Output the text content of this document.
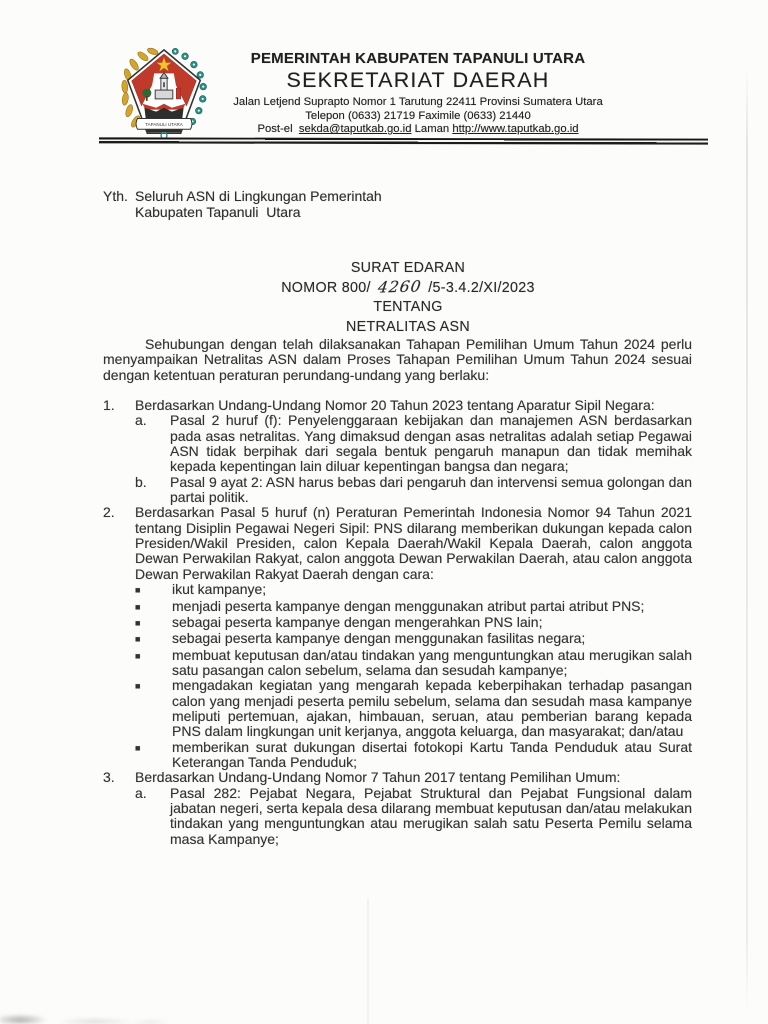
TAPANULI UTARA
PEMERINTAH KABUPATEN TAPANULI UTARA
SEKRETARIAT DAERAH
Jalan Letjend Suprapto Nomor 1 Tarutung 22411 Provinsi Sumatera Utara
Telepon (0633) 21719 Faximile (0633) 21440
Post-el sekda@taputkab.go.id Laman http://www.taputkab.go.id
Yth. Seluruh ASN di Lingkungan Pemerintah
Kabupaten Tapanuli  Utara
SURAT EDARAN
NOMOR 800/ 4260 /5-3.4.2/XI/2023
TENTANG
NETRALITAS ASN

Sehubungan dengan telah dilaksanakan Tahapan Pemilihan Umum Tahun 2024 perlu menyampaikan Netralitas ASN dalam Proses Tahapan Pemilihan Umum Tahun 2024 sesuai dengan ketentuan peraturan perundang-undang yang berlaku:

1.	Berdasarkan Undang-Undang Nomor 20 Tahun 2023 tentang Aparatur Sipil Negara:

a.	Pasal 2 huruf (f): Penyelenggaraan kebijakan dan manajemen ASN berdasarkan pada asas netralitas. Yang dimaksud dengan asas netralitas adalah setiap Pegawai ASN tidak berpihak dari segala bentuk pengaruh manapun dan tidak memihak kepada kepentingan lain diluar kepentingan bangsa dan negara;

b.	Pasal 9 ayat 2: ASN harus bebas dari pengaruh dan intervensi semua golongan dan partai politik.

2.	Berdasarkan Pasal 5 huruf (n) Peraturan Pemerintah Indonesia Nomor 94 Tahun 2021 tentang Disiplin Pegawai Negeri Sipil: PNS dilarang memberikan dukungan kepada calon Presiden/Wakil Presiden, calon Kepala Daerah/Wakil Kepala Daerah, calon anggota Dewan Perwakilan Rakyat, calon anggota Dewan Perwakilan Daerah, atau calon anggota Dewan Perwakilan Rakyat Daerah dengan cara:

■	ikut kampanye;

■	menjadi peserta kampanye dengan menggunakan atribut partai atribut PNS;

■	sebagai peserta kampanye dengan mengerahkan PNS lain;

■	sebagai peserta kampanye dengan menggunakan fasilitas negara;

■	membuat keputusan dan/atau tindakan yang menguntungkan atau merugikan salah satu pasangan calon sebelum, selama dan sesudah kampanye;

■	mengadakan kegiatan yang mengarah kepada keberpihakan terhadap pasangan calon yang menjadi peserta pemilu sebelum, selama dan sesudah masa kampanye meliputi pertemuan, ajakan, himbauan, seruan, atau pemberian barang kepada PNS dalam lingkungan unit kerjanya, anggota keluarga, dan masyarakat; dan/atau

■	memberikan surat dukungan disertai fotokopi Kartu Tanda Penduduk atau Surat Keterangan Tanda Penduduk;

3.	Berdasarkan Undang-Undang Nomor 7 Tahun 2017 tentang Pemilihan Umum:

a.	Pasal 282: Pejabat Negara, Pejabat Struktural dan Pejabat Fungsional dalam jabatan negeri, serta kepala desa dilarang membuat keputusan dan/atau melakukan tindakan yang menguntungkan atau merugikan salah satu Peserta Pemilu selama masa Kampanye;
